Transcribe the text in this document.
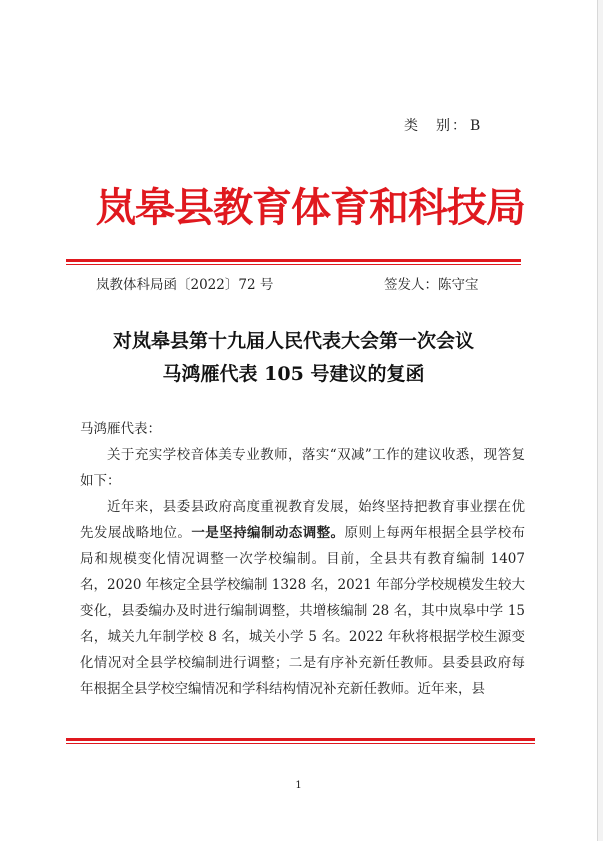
类　别： B
岚皋县教育体育和科技局
岚教体科局函〔2022〕72 号	签发人：陈守宝
对岚皋县第十九届人民代表大会第一次会议
马鸿雁代表 105 号建议的复函

马鸿雁代表：

关于充实学校音体美专业教师，落实“双减”工作的建议收悉，现答复如下：

近年来，县委县政府高度重视教育发展，始终坚持把教育事业摆在优先发展战略地位。一是坚持编制动态调整。原则上每两年根据全县学校布局和规模变化情况调整一次学校编制。目前，全县共有教育编制 1407 名，2020 年核定全县学校编制 1328 名，2021 年部分学校规模发生较大变化，县委编办及时进行编制调整，共增核编制 28 名，其中岚皋中学 15 名，城关九年制学校 8 名，城关小学 5 名。2022 年秋将根据学校生源变化情况对全县学校编制进行调整；二是有序补充新任教师。县委县政府每年根据全县学校空编情况和学科结构情况补充新任教师。近年来，县

1
